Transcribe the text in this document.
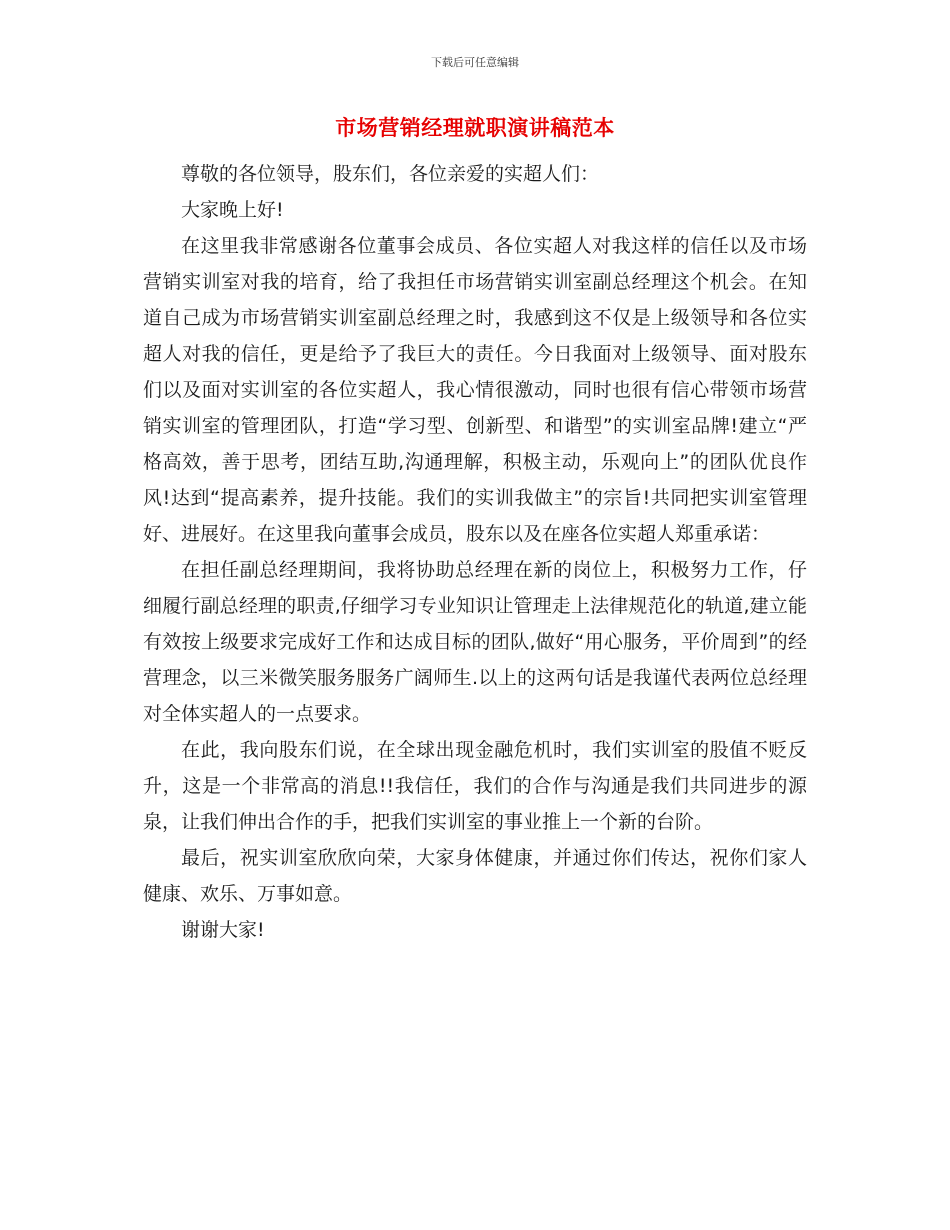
下载后可任意编辑
市场营销经理就职演讲稿范本

尊敬的各位领导，股东们，各位亲爱的实超人们：

大家晚上好!

在这里我非常感谢各位董事会成员、各位实超人对我这样的信任以及市场营销实训室对我的培育，给了我担任市场营销实训室副总经理这个机会。在知道自己成为市场营销实训室副总经理之时，我感到这不仅是上级领导和各位实超人对我的信任，更是给予了我巨大的责任。今日我面对上级领导、面对股东们以及面对实训室的各位实超人，我心情很激动，同时也很有信心带领市场营销实训室的管理团队，打造“学习型、创新型、和谐型”的实训室品牌!建立“严格高效，善于思考，团结互助,沟通理解，积极主动，乐观向上”的团队优良作风!达到“提高素养，提升技能。我们的实训我做主”的宗旨!共同把实训室管理好、进展好。在这里我向董事会成员，股东以及在座各位实超人郑重承诺：

在担任副总经理期间，我将协助总经理在新的岗位上，积极努力工作，仔细履行副总经理的职责,仔细学习专业知识让管理走上法律规范化的轨道,建立能有效按上级要求完成好工作和达成目标的团队,做好“用心服务，平价周到”的经营理念，以三米微笑服务服务广阔师生.以上的这两句话是我谨代表两位总经理对全体实超人的一点要求。

在此，我向股东们说，在全球出现金融危机时，我们实训室的股值不贬反升，这是一个非常高的消息!!我信任，我们的合作与沟通是我们共同进步的源泉，让我们伸出合作的手，把我们实训室的事业推上一个新的台阶。

最后，祝实训室欣欣向荣，大家身体健康，并通过你们传达，祝你们家人健康、欢乐、万事如意。

谢谢大家!
